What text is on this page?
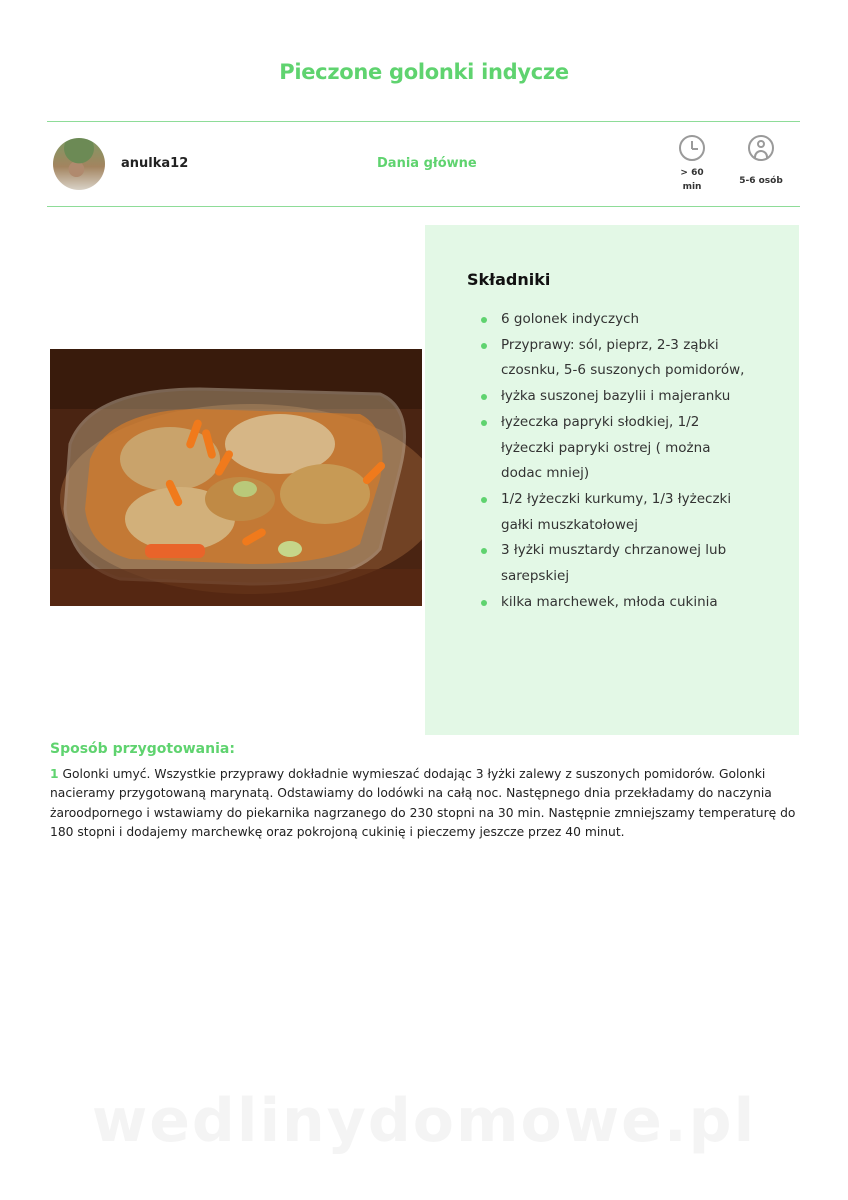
Pieczone golonki indycze
anulka12	Dania główne
> 60
min
5-6 osób
Składniki
6 golonek indyczych
Przyprawy: sól, pieprz, 2-3 ząbki czosnku, 5-6 suszonych pomidorów,
łyżka suszonej bazylii i majeranku
łyżeczka papryki słodkiej, 1/2 łyżeczki papryki ostrej ( można dodac mniej)
1/2 łyżeczki kurkumy, 1/3 łyżeczki gałki muszkatołowej
3 łyżki musztardy chrzanowej lub sarepskiej
kilka marchewek, młoda cukinia
Sposób przygotowania:
1 Golonki umyć. Wszystkie przyprawy dokładnie wymieszać dodając 3 łyżki zalewy z suszonych pomidorów. Golonki nacieramy przygotowaną marynatą. Odstawiamy do lodówki na całą noc. Następnego dnia przekładamy do naczynia żaroodpornego i wstawiamy do piekarnika nagrzanego do 230 stopni na 30 min. Następnie zmniejszamy temperaturę do 180 stopni i dodajemy marchewkę oraz pokrojoną cukinię i pieczemy jeszcze przez 40 minut.
wedlinydomowe.pl
